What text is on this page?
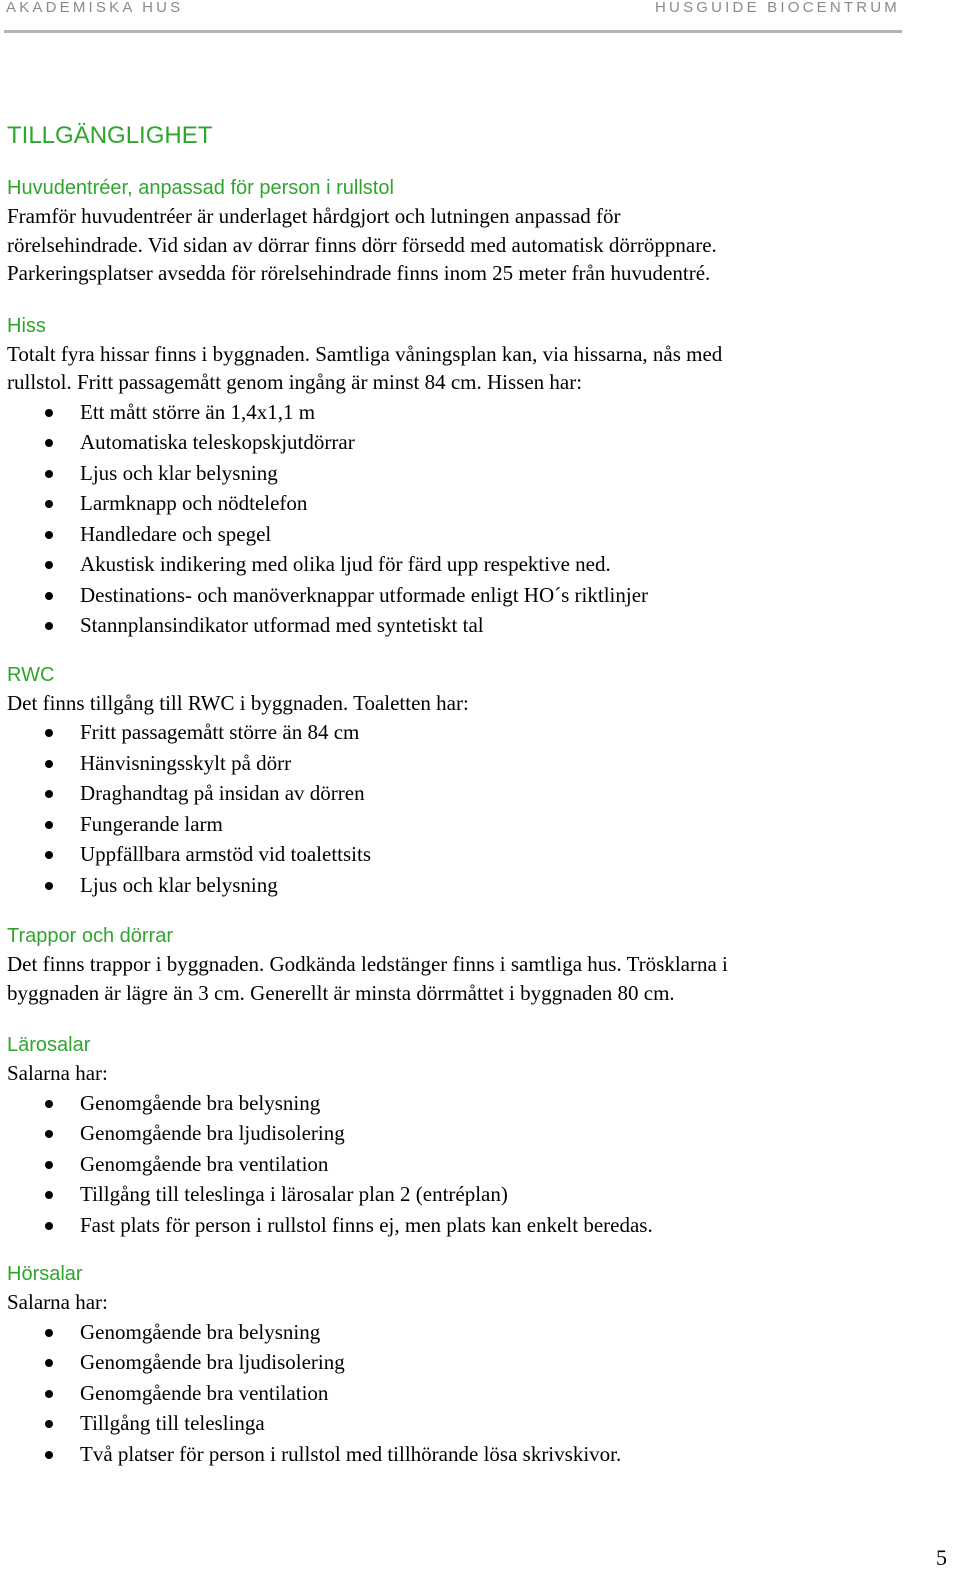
AKADEMISKA HUS	HUSGUIDE BIOCENTRUM
TILLGÄNGLIGHET
Huvudentréer, anpassad för person i rullstol

Framför huvudentréer är underlaget hårdgjort och lutningen anpassad för

rörelsehindrade. Vid sidan av dörrar finns dörr försedd med automatisk dörröppnare.

Parkeringsplatser avsedda för rörelsehindrade finns inom 25 meter från huvudentré.

Hiss

Totalt fyra hissar finns i byggnaden. Samtliga våningsplan kan, via hissarna, nås med

rullstol. Fritt passagemått genom ingång är minst 84 cm. Hissen har:

Ett mått större än 1,4x1,1 m
Automatiska teleskopskjutdörrar
Ljus och klar belysning
Larmknapp och nödtelefon
Handledare och spegel
Akustisk indikering med olika ljud för färd upp respektive ned.
Destinations- och manöverknappar utformade enligt HO´s riktlinjer
Stannplansindikator utformad med syntetiskt tal
RWC

Det finns tillgång till RWC i byggnaden. Toaletten har:

Fritt passagemått större än 84 cm
Hänvisningsskylt på dörr
Draghandtag på insidan av dörren
Fungerande larm
Uppfällbara armstöd vid toalettsits
Ljus och klar belysning
Trappor och dörrar

Det finns trappor i byggnaden. Godkända ledstänger finns i samtliga hus. Trösklarna i

byggnaden är lägre än 3 cm. Generellt är minsta dörrmåttet i byggnaden 80 cm.

Lärosalar

Salarna har:

Genomgående bra belysning
Genomgående bra ljudisolering
Genomgående bra ventilation
Tillgång till teleslinga i lärosalar plan 2 (entréplan)
Fast plats för person i rullstol finns ej, men plats kan enkelt beredas.
Hörsalar

Salarna har:

Genomgående bra belysning
Genomgående bra ljudisolering
Genomgående bra ventilation
Tillgång till teleslinga
Två platser för person i rullstol med tillhörande lösa skrivskivor.
5
